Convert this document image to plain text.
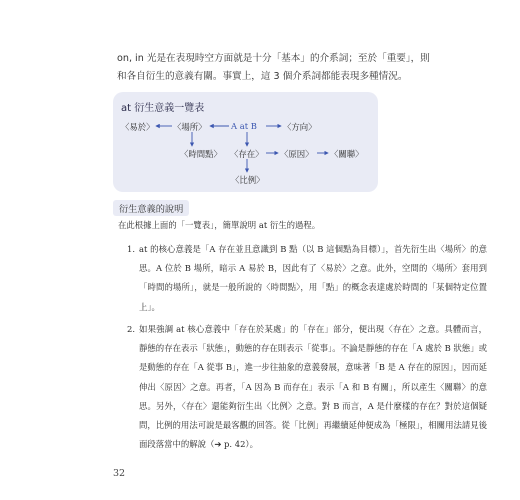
on, in 光是在表現時空方面就是十分「基本」的介系詞；至於「重要」，則

和各自衍生的意義有關。事實上，這 3 個介系詞都能表現多種情況。

at 衍生意義一覽表
〈易於〉 〈場所〉	A at B	〈方向〉
〈時間點〉 〈存在〉 〈原因〉 〈關聯〉
〈比例〉
衍生意義的說明

在此根據上面的「一覽表」，簡單說明 at 衍生的過程。

1. at 的核心意義是「A 存在並且意識到 B 點（以 B 這個點為目標）」，首先衍生出〈場所〉的意思。A 位於 B 場所，暗示 A 易於 B，因此有了〈易於〉之意。此外，空間的〈場所〉套用到「時間的場所」，就是一般所說的〈時間點〉，用「點」的概念表達處於時間的「某個特定位置上」。
2. 如果強調 at 核心意義中「存在於某處」的「存在」部分，便出現〈存在〉之意。具體而言，靜態的存在表示「狀態」，動態的存在則表示「從事」。不論是靜態的存在「A 處於 B 狀態」或是動態的存在「A 從事 B」，進一步往抽象的意義發展，意味著「B 是 A 存在的原因」，因而延伸出〈原因〉之意。再者，「A 因為 B 而存在」表示「A 和 B 有關」，所以產生〈關聯〉的意思。另外，〈存在〉還能夠衍生出〈比例〉之意。對 B 而言，A 是什麼樣的存在？對於這個疑問，比例的用法可說是最客觀的回答。從「比例」再繼續延伸便成為「極限」，相關用法請見後面段落當中的解說（➔ p. 42）。
32
